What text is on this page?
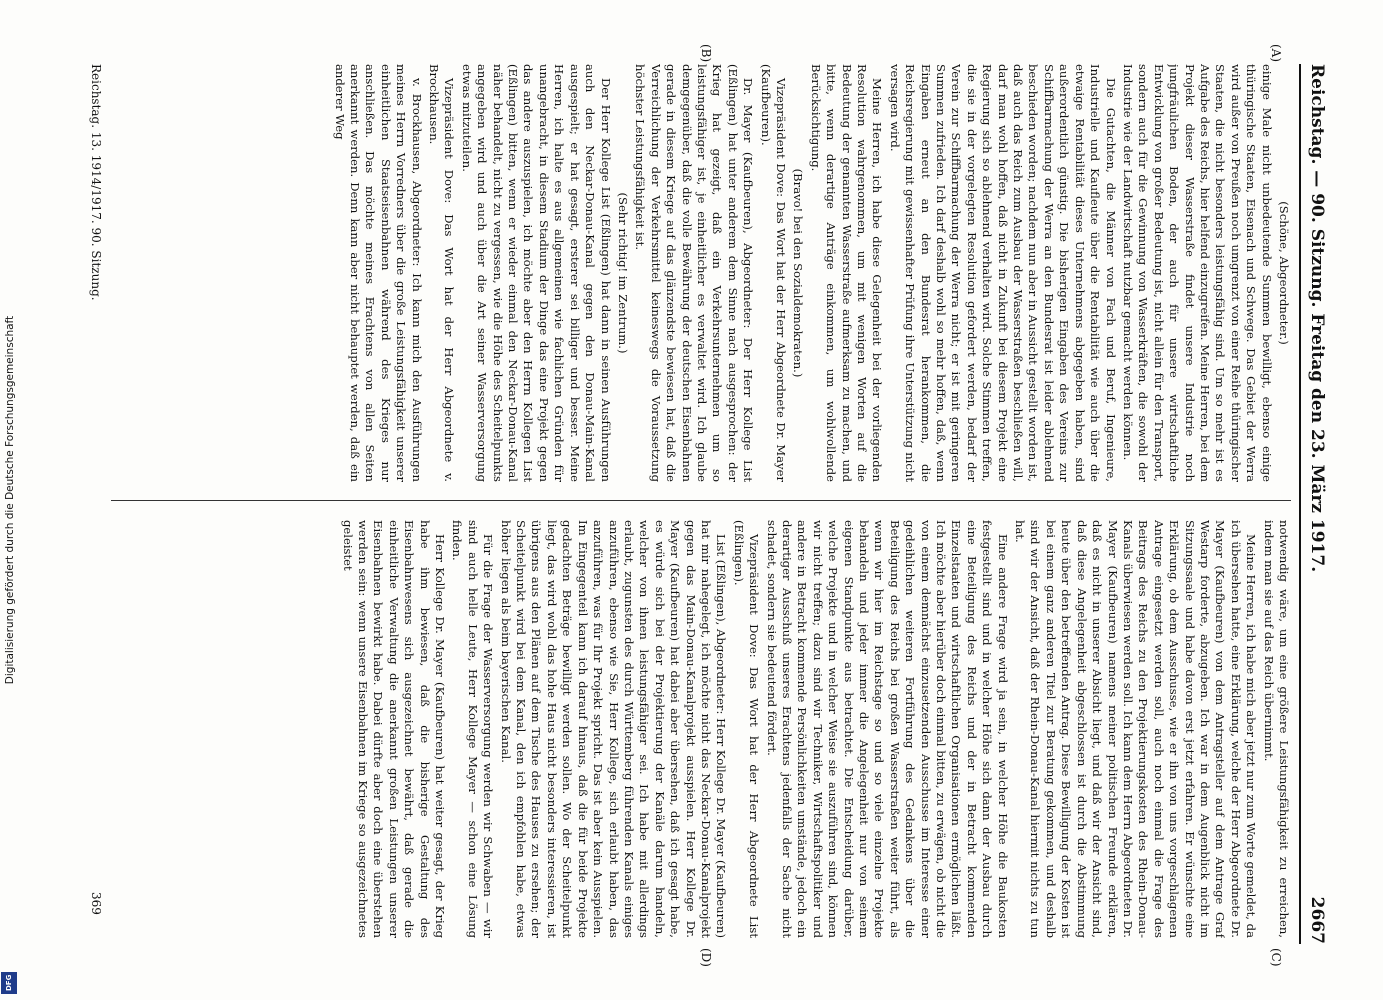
Reichstag. — 90. Sitzung. Freitag den 23. März 1917.
2667
(A)
(B)
(C)
(D)

(Schöne, Abgeordneter.)

einige Male nicht unbedeutende Summen bewilligt, ebenso einige thüringische Staaten, Eisenach und Schwege. Das Gebiet der Werra wird außer von Preußen noch umgrenzt von einer Reihe thüringischer Staaten, die nicht besonders leistungsfähig sind. Um so mehr ist es Aufgabe des Reichs, hier helfend einzugreifen. Meine Herren, bei dem Projekt dieser Wasserstraße findet unsere Industrie noch jungfräulichen Boden, der auch für unsere wirtschaftliche Entwicklung von großer Bedeutung ist, nicht allein für den Transport, sondern auch für die Gewinnung von Wasserkräften, die sowohl der Industrie wie der Landwirtschaft nutzbar gemacht werden können.

Die Gutachten, die Männer von Fach und Beruf, Ingenieure, Industrielle und Kaufleute über die Rentabilität wie auch über die etwaige Rentabilität dieses Unternehmens abgegeben haben, sind außerordentlich günstig. Die bisherigen Eingaben des Vereins zur Schiffbarmachung der Werra an den Bundesrat ist leider ablehnend beschieden worden; nachdem nun aber in Aussicht gestellt worden ist, daß auch das Reich zum Ausbau der Wasserstraßen beschließen will, darf man wohl hoffen, daß nicht in Zukunft bei diesem Projekt eine Regierung sich so ablehnend verhalten wird. Solche Stimmen treffen, die sie in der vorgelegten Resolution gefordert werden, bedarf der Verein zur Schiffbarmachung der Werra nicht; er ist mit geringeren Summen zufrieden. Ich darf deshalb wohl so mehr hoffen, daß, wenn Eingaben erneut an den Bundesrat herankommen, die Reichsregierung mit gewissenhafter Prüfung ihre Unterstützung nicht versagen wird.

Meine Herren, ich habe diese Gelegenheit bei der vorliegenden Resolution wahrgenommen, um mit wenigen Worten auf die Bedeutung der genannten Wasserstraße aufmerksam zu machen, und bitte, wenn derartige Anträge einkommen, um wohlwollende Berücksichtigung.

(Bravo! bei den Sozialdemokraten.)

Vizepräsident Dove: Das Wort hat der Herr Abgeordnete Dr. Mayer (Kaufbeuren).

Dr. Mayer (Kaufbeuren), Abgeordneter: Der Herr Kollege List (Eßlingen) hat unter anderem dem Sinne nach ausgesprochen: der Krieg hat gezeigt, daß ein Verkehrsunternehmen um so leistungsfähiger ist, je einheitlicher es verwaltet wird. Ich glaube demgegenüber, daß die volle Bewährung der deutschen Eisenbahnen gerade in diesem Kriege auf das glänzendste bewiesen hat, daß die Verreichlichung der Verkehrsmittel keineswegs die Voraussetzung höchster Leistungsfähigkeit ist.

(Sehr richtig! im Zentrum.)

Der Herr Kollege List (Eßlingen) hat dann in seinen Ausführungen auch den Neckar-Donau-Kanal gegen den Donau-Main-Kanal ausgespielt; er hat gesagt, ersterer sei billiger und besser. Meine Herren, ich halte es aus allgemeinen wie fachlichen Gründen für unangebracht, in diesem Stadium der Dinge das eine Projekt gegen das andere auszuspielen, ich möchte aber den Herrn Kollegen List (Eßlingen) bitten, wenn er wieder einmal den Neckar-Donau-Kanal näher behandelt, nicht zu vergessen, wie die Höhe des Scheitelpunkts angegeben wird und auch über die Art seiner Wasserversorgung etwas mitzuteilen.

Vizepräsident Dove: Das Wort hat der Herr Abgeordnete v. Brockhausen.

v. Brockhausen, Abgeordneter: Ich kann mich den Ausführungen meines Herrn Vorredners über die große Leistungsfähigkeit unserer einheitlichen Staatseisenbahnen während des Krieges nur anschließen. Das möchte meines Erachtens von allen Seiten anerkannt werden. Denn kann aber nicht behauptet werden, daß ein anderer Weg

notwendig wäre, um eine größere Leistungsfähigkeit zu erreichen, indem man sie auf das Reich übernimmt.

Meine Herren, ich habe mich aber jetzt nur zum Worte gemeldet, da ich übersehen hatte, eine Erklärung, welche der Herr Abgeordnete Dr. Mayer (Kaufbeuren) von dem Antragsteller auf dem Antrage Graf Westarp forderte, abzugeben. Ich war in dem Augenblick nicht im Sitzungssaale und habe davon erst jetzt erfahren. Er wünschte eine Erklärung, ob dem Ausschusse, wie er ihn von uns vorgeschlagenen Antrage eingesetzt werden soll, auch noch einmal die Frage des Beitrags des Reichs zu den Projektierungskosten des Rhein-Donau-Kanals überwiesen werden soll. Ich kann dem Herrn Abgeordneten Dr. Mayer (Kaufbeuren) namens meiner politischen Freunde erklären, daß es nicht in unserer Absicht liegt, und daß wir der Ansicht sind, daß diese Angelegenheit abgeschlossen ist durch die Abstimmung heute über den betreffenden Antrag. Diese Bewilligung der Kosten ist bei einem ganz anderen Titel zur Beratung gekommen, und deshalb sind wir der Ansicht, daß der Rhein-Donau-Kanal hiermit nichts zu tun hat.

Eine andere Frage wird ja sein, in welcher Höhe die Baukosten festgestellt sind und in welcher Höhe sich dann der Ausbau durch eine Beteiligung des Reichs und der in Betracht kommenden Einzelstaaten und wirtschaftlichen Organisationen ermöglichen läßt. Ich möchte aber hierüber doch einmal bitten, zu erwägen, ob nicht die von einem demnächst einzusetzenden Ausschusse im Interesse einer gedeihlichen weiteren Fortführung des Gedankens über die Beteiligung des Reichs bei großen Wasserstraßen weiter führt, als wenn wir hier im Reichstage so und so viele einzelne Projekte behandeln und jeder immer die Angelegenheit nur von seinem eigenen Standpunkte aus betrachtet. Die Entscheidung darüber, welche Projekte und in welcher Weise sie auszuführen sind, können wir nicht treffen; dazu sind wir Techniker, Wirtschaftspolitiker und andere in Betracht kommende Persönlichkeiten umstände, jedoch ein derartiger Ausschuß unseres Erachtens jedenfalls der Sache nicht schadet, sondern sie bedeutend fördert.

Vizepräsident Dove: Das Wort hat der Herr Abgeordnete List (Eßlingen).

List (Eßlingen), Abgeordneter: Herr Kollege Dr. Mayer (Kaufbeuren) hat mir nahegelegt, ich möchte nicht das Neckar-Donau-Kanalprojekt gegen das Main-Donau-Kanalprojekt ausspielen. Herr Kollege Dr. Mayer (Kaufbeuren) hat dabei aber übersehen, daß ich gesagt habe, es würde sich bei der Projektierung der Kanäle darum handeln, welcher von ihnen leistungsfähiger sei. Ich habe mit allerdings erlaubt, zugunsten des durch Württemberg führenden Kanals einiges anzuführen, ebenso wie Sie, Herr Kollege, sich erlaubt haben, das anzuführen, was für Ihr Projekt spricht. Das ist aber kein Ausspielen. Im Eingegenteil kann ich darauf hinaus, daß die für beide Projekte gedachten Beträge bewilligt werden sollen. Wo der Scheitelpunkt liegt, das wird wohl das hohe Haus nicht besonders interessieren, ist übrigens aus den Plänen auf dem Tische des Hauses zu ersehen; der Scheitelpunkt wird bei dem Kanal, den ich empfohlen habe, etwas höher liegen als beim bayerischen Kanal.

Für die Frage der Wasserversorgung werden wir Schwaben — wir sind auch helle Leute, Herr Kollege Mayer — schon eine Lösung finden.

Herr Kollege Dr. Mayer (Kaufbeuren) hat weiter gesagt, der Krieg habe ihm bewiesen, daß die bisherige Gestaltung des Eisenbahnwesens sich ausgezeichnet bewährt, daß gerade die einheitliche Verwaltung die anerkannt großen Leistungen unserer Eisenbahnen bewirkt habe. Dabei dürfte aber doch eine überstehen werden sein: wenn unsere Eisenbahnen im Kriege so ausgezeichnetes geleistet

Reichstag. 13. 1914/1917. 90. Sitzung.
369
Digitalisierung gefördert durch die Deutsche Forschungsgemeinschaft
DFG
